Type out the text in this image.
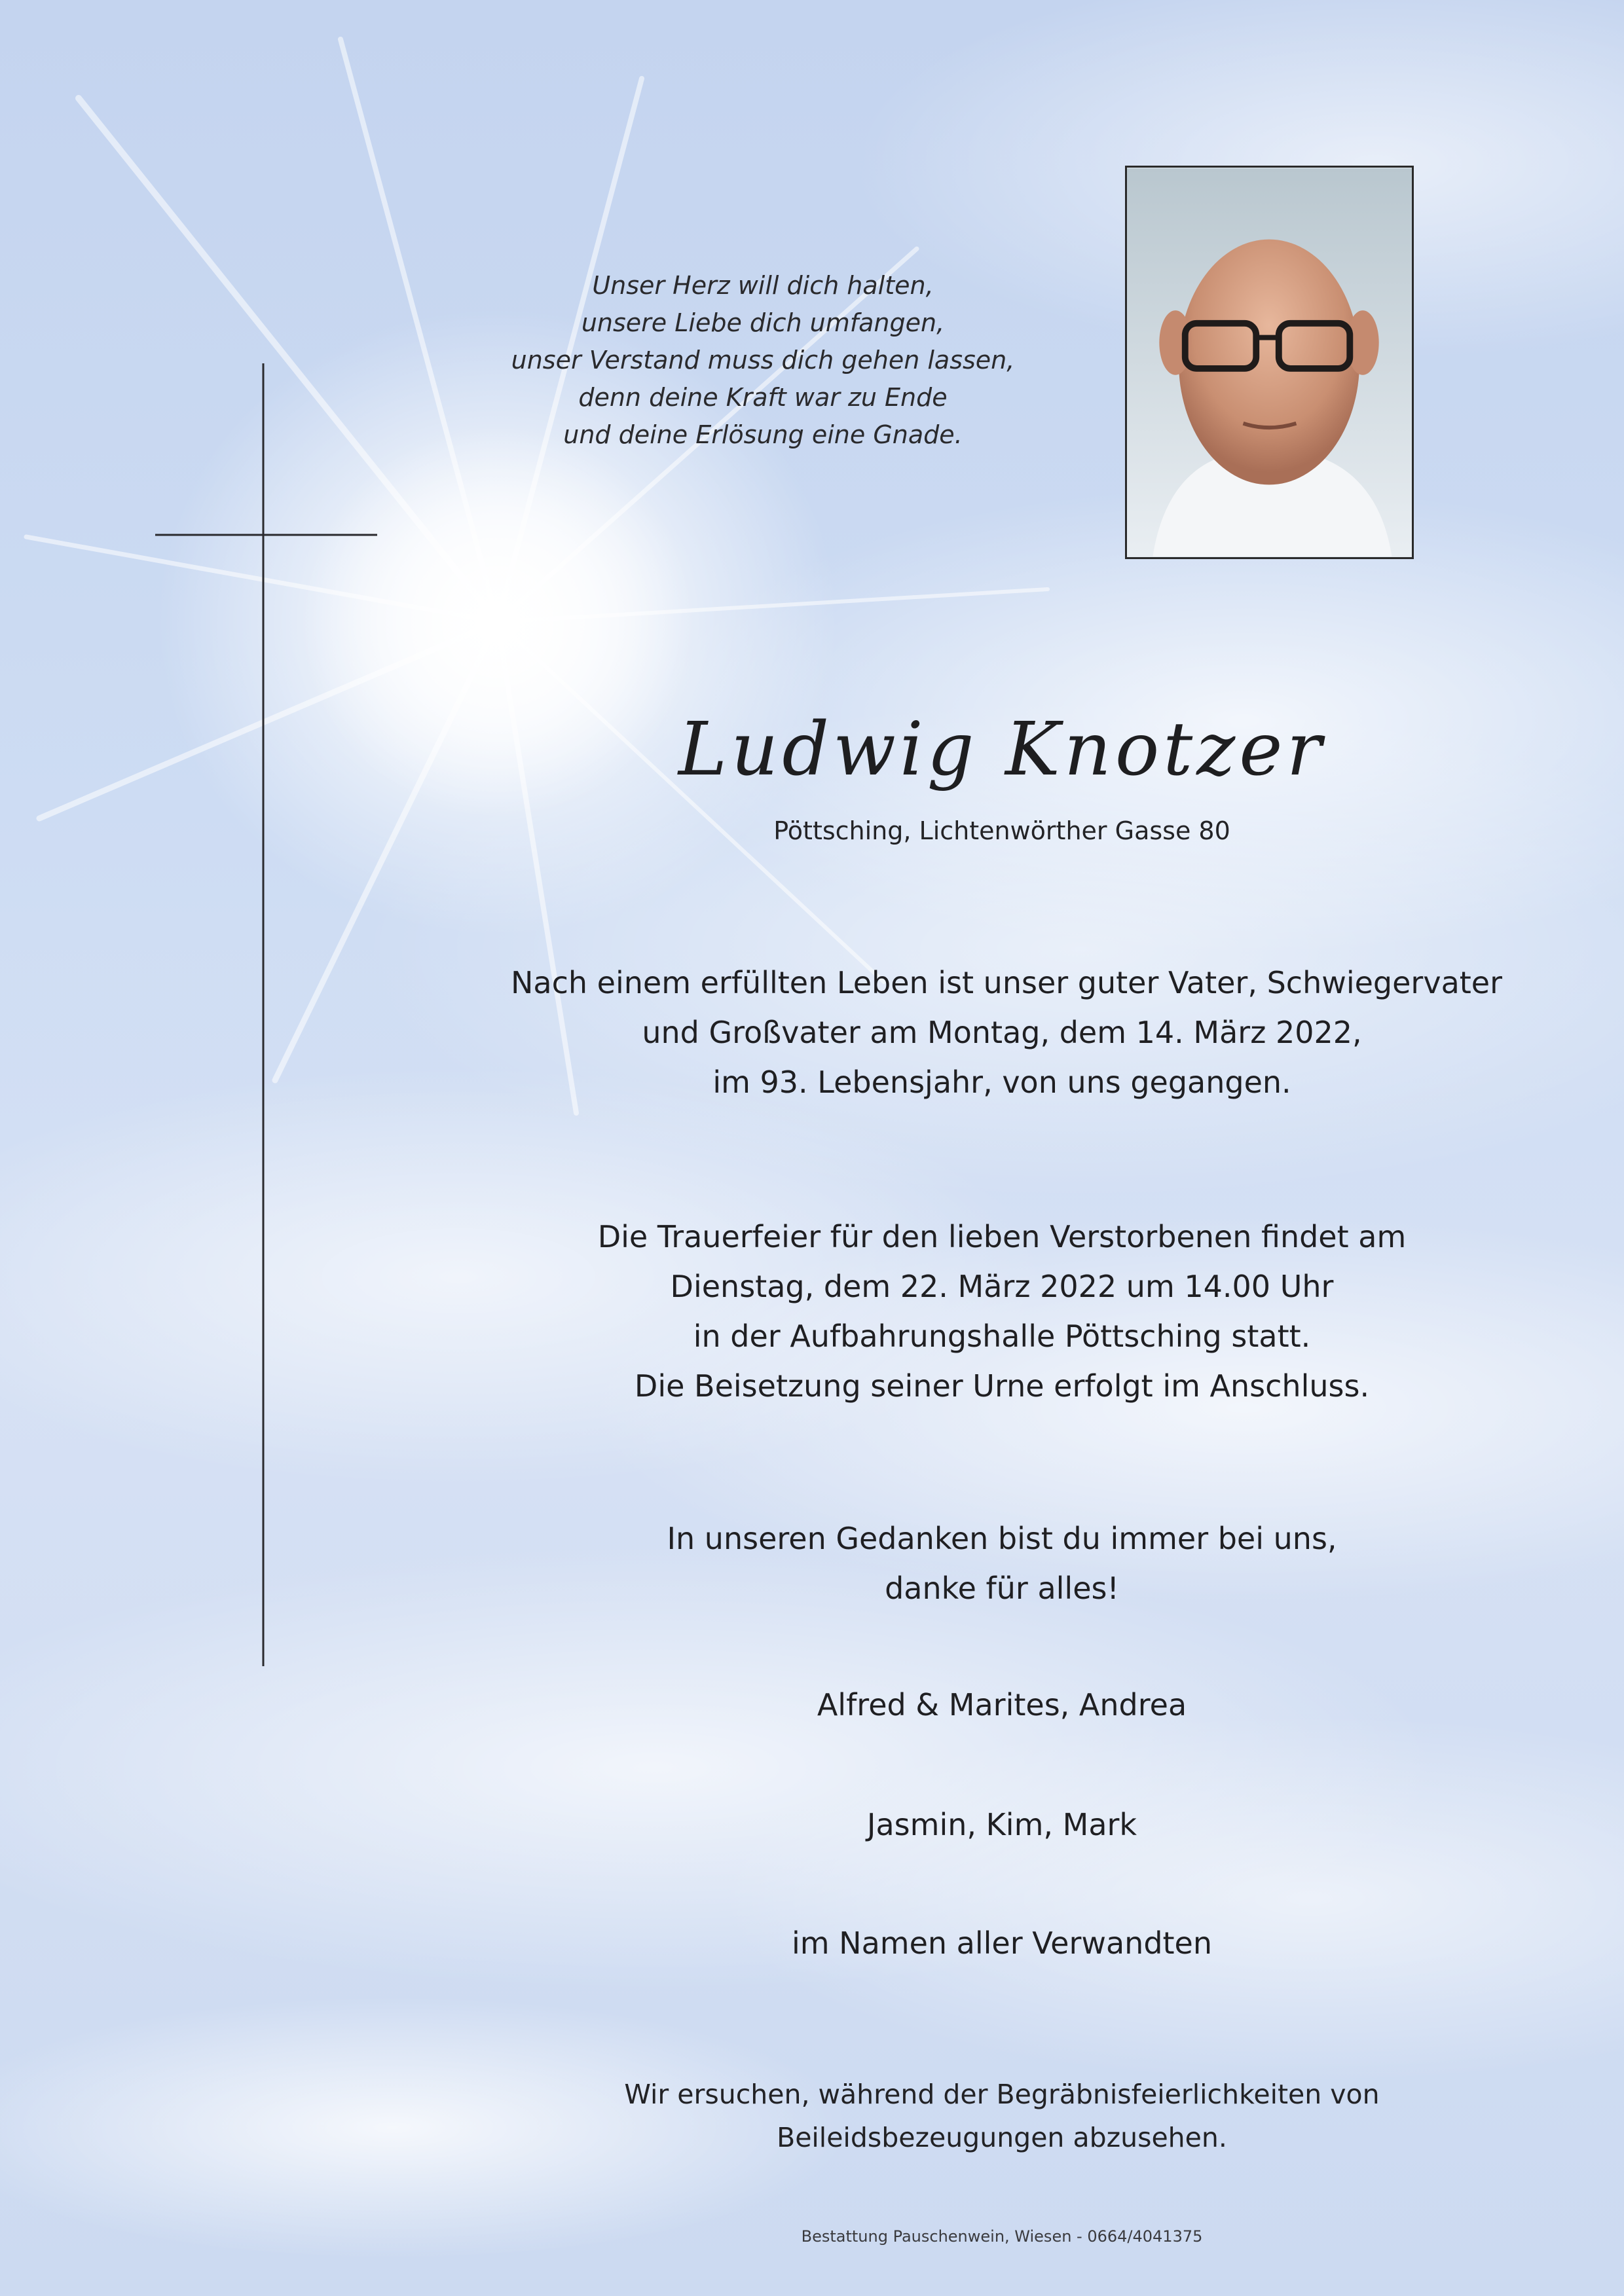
Unser Herz will dich halten,
unsere Liebe dich umfangen,
unser Verstand muss dich gehen lassen,
denn deine Kraft war zu Ende
und deine Erlösung eine Gnade.
Ludwig Knotzer
Pöttsching, Lichtenwörther Gasse 80
Nach einem erfüllten Leben ist unser guter Vater, Schwiegervater
und Großvater am Montag, dem 14. März 2022,
im 93. Lebensjahr, von uns gegangen.
Die Trauerfeier für den lieben Verstorbenen findet am
Dienstag, dem 22. März 2022 um 14.00 Uhr
in der Aufbahrungshalle Pöttsching statt.
Die Beisetzung seiner Urne erfolgt im Anschluss.
In unseren Gedanken bist du immer bei uns,
danke für alles!
Alfred & Marites, Andrea
Jasmin, Kim, Mark
im Namen aller Verwandten
Wir ersuchen, während der Begräbnisfeierlichkeiten von
Beileidsbezeugungen abzusehen.
Bestattung Pauschenwein, Wiesen - 0664/4041375
